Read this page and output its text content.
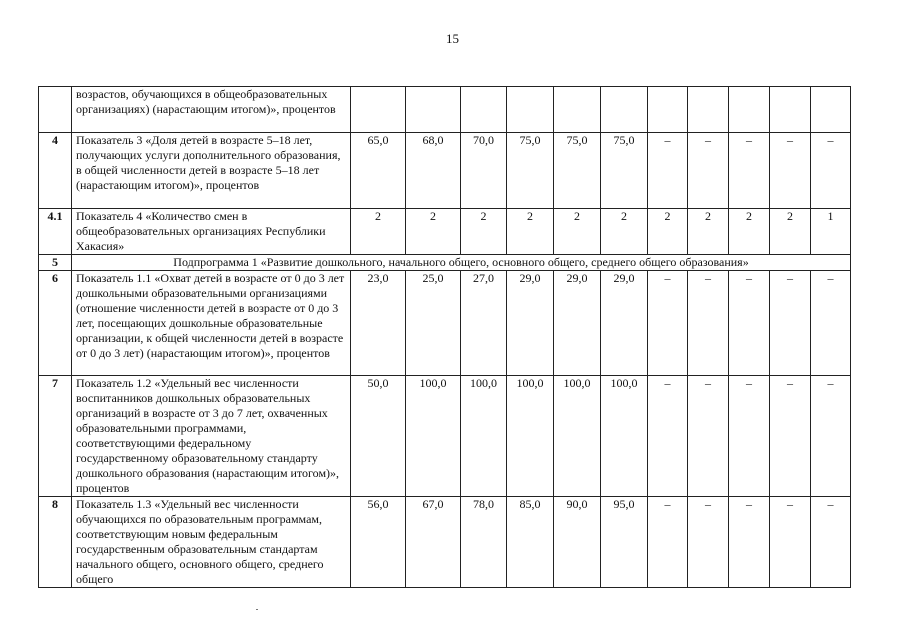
15
	возрастов, обучающихся в общеобразовательных организациях) (нарастающим итогом)», процентов											
4	Показатель 3 «Доля детей в возрасте 5–18 лет, получающих услуги дополнительного образования, в общей численности детей в возрасте 5–18 лет (нарастающим итогом)», процентов	65,0	68,0	70,0	75,0	75,0	75,0	–	–	–	–	–
4.1	Показатель 4 «Количество смен в общеобразовательных организациях Республики Хакасия»	2	2	2	2	2	2	2	2	2	2	1
5	Подпрограмма 1 «Развитие дошкольного, начального общего, основного общего, среднего общего образования»											
6	Показатель 1.1 «Охват детей в возрасте от 0 до 3 лет дошкольными образовательными организациями (отношение численности детей в возрасте от 0 до 3 лет, посещающих дошкольные образовательные организации, к общей численности детей в возрасте от 0 до 3 лет) (нарастающим итогом)», процентов	23,0	25,0	27,0	29,0	29,0	29,0	–	–	–	–	–
7	Показатель 1.2 «Удельный вес численности воспитанников дошкольных образовательных организаций в возрасте от 3 до 7 лет, охваченных образовательными программами, соответствующими федеральному государственному образовательному стандарту дошкольного образования (нарастающим итогом)», процентов	50,0	100,0	100,0	100,0	100,0	100,0	–	–	–	–	–
8	Показатель 1.3 «Удельный вес численности обучающихся по образовательным программам, соответствующим новым федеральным государственным образовательным стандартам начального общего, основного общего, среднего общего	56,0	67,0	78,0	85,0	90,0	95,0	–	–	–	–	–
